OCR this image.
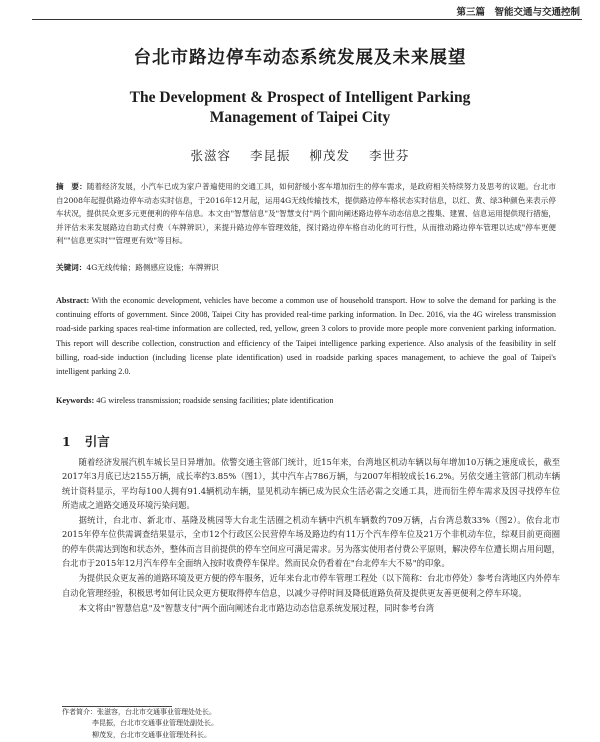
第三篇　智能交通与交通控制
台北市路边停车动态系统发展及未来展望
The Development & Prospect of Intelligent Parking
Management of Taipei City
张滋容 李昆振 柳茂发 李世芬
摘　要：随着经济发展，小汽车已成为家户普遍使用的交通工具，如何舒缓小客车增加衍生的停车需求，是政府相关特续努力及思考的议题。台北市自2008年起提供路边停车动态实时信息，于2016年12月起，运用4G无线传输技术，提供路边停车格状态实时信息，以红、黄、绿3种颜色来表示停车状况，提供民众更多元更便利的停车信息。本文由"智慧信息"及"智慧支付"两个面向阐述路边停车动态信息之搜集、建置、信息运用提供现行措施，并评估未来发展路边自助式付费（车牌辨识），来提升路边停车管理效能，探讨路边停车格自动化的可行性，从而推动路边停车管理以达成"停车更便利""信息更实时""管理更有效"等目标。
关键词：4G无线传输；路侧感应设施；车牌辨识
Abstract: With the economic development, vehicles have become a common use of household transport. How to solve the demand for parking is the continuing efforts of government. Since 2008, Taipei City has provided real-time parking information. In Dec. 2016, via the 4G wireless transmission road-side parking spaces real-time information are collected, red, yellow, green 3 colors to provide more people more convenient parking information. This report will describe collection, construction and efficiency of the Taipei intelligence parking experience. Also analysis of the feasibility in self billing, road-side induction (including license plate identification) used in roadside parking spaces management, to achieve the goal of Taipei's intelligent parking 2.0.
Keywords: 4G wireless transmission; roadside sensing facilities; plate identification
1 引言

随着经济发展汽机车城长呈日异增加。依警交通主管部门统计，近15年来，台湾地区机动车辆以每年增加10万辆之速度成长，截至2017年3月底已达2155万辆，成长率约3.85%（图1），其中汽车占786万辆，与2007年相较成长16.2%。另依交通主管部门机动车辆统计资料显示，平均每100人拥有91.4辆机动车辆，显见机动车辆已成为民众生活必需之交通工具，进而衍生停车需求及因寻找停车位所造成之道路交通及环境污染问题。

据统计，台北市、新北市、基隆及桃园等大台北生活圈之机动车辆中汽机车辆数约709万辆，占台湾总数33%（图2）。依台北市2015年停车位供需调查结果显示，全市12个行政区公民营停车场及路边约有11万个汽车停车位及21万个非机动车位，综观目前更商圈的停车供需达到饱和状态外，整体而言目前提供的停车空间应可满足需求。另为落实使用者付费公平原则，解决停车位遭长期占用问题，台北市于2015年12月汽车停车全面纳入按时收费停车保岸。然而民众仍看着在"台北停车大不易"的印象。

为提供民众更友善的道路环境及更方便的停车服务，近年来台北市停车管理工程处（以下简称：台北市停处）参考台湾地区内外停车自动化管理经验，积极思考如何让民众更方便取得停车信息，以减少寻停时间及降低道路负荷及提供更友善更便利之停车环境。

本文将由"智慧信息"及"智慧支付"两个面向阐述台北市路边动态信息系统发展过程，同时参考台湾

作者简介：张滋容，台北市交通事业管理处处长。
李昆振，台北市交通事业管理处副处长。
柳茂发，台北市交通事业管理处科长。
